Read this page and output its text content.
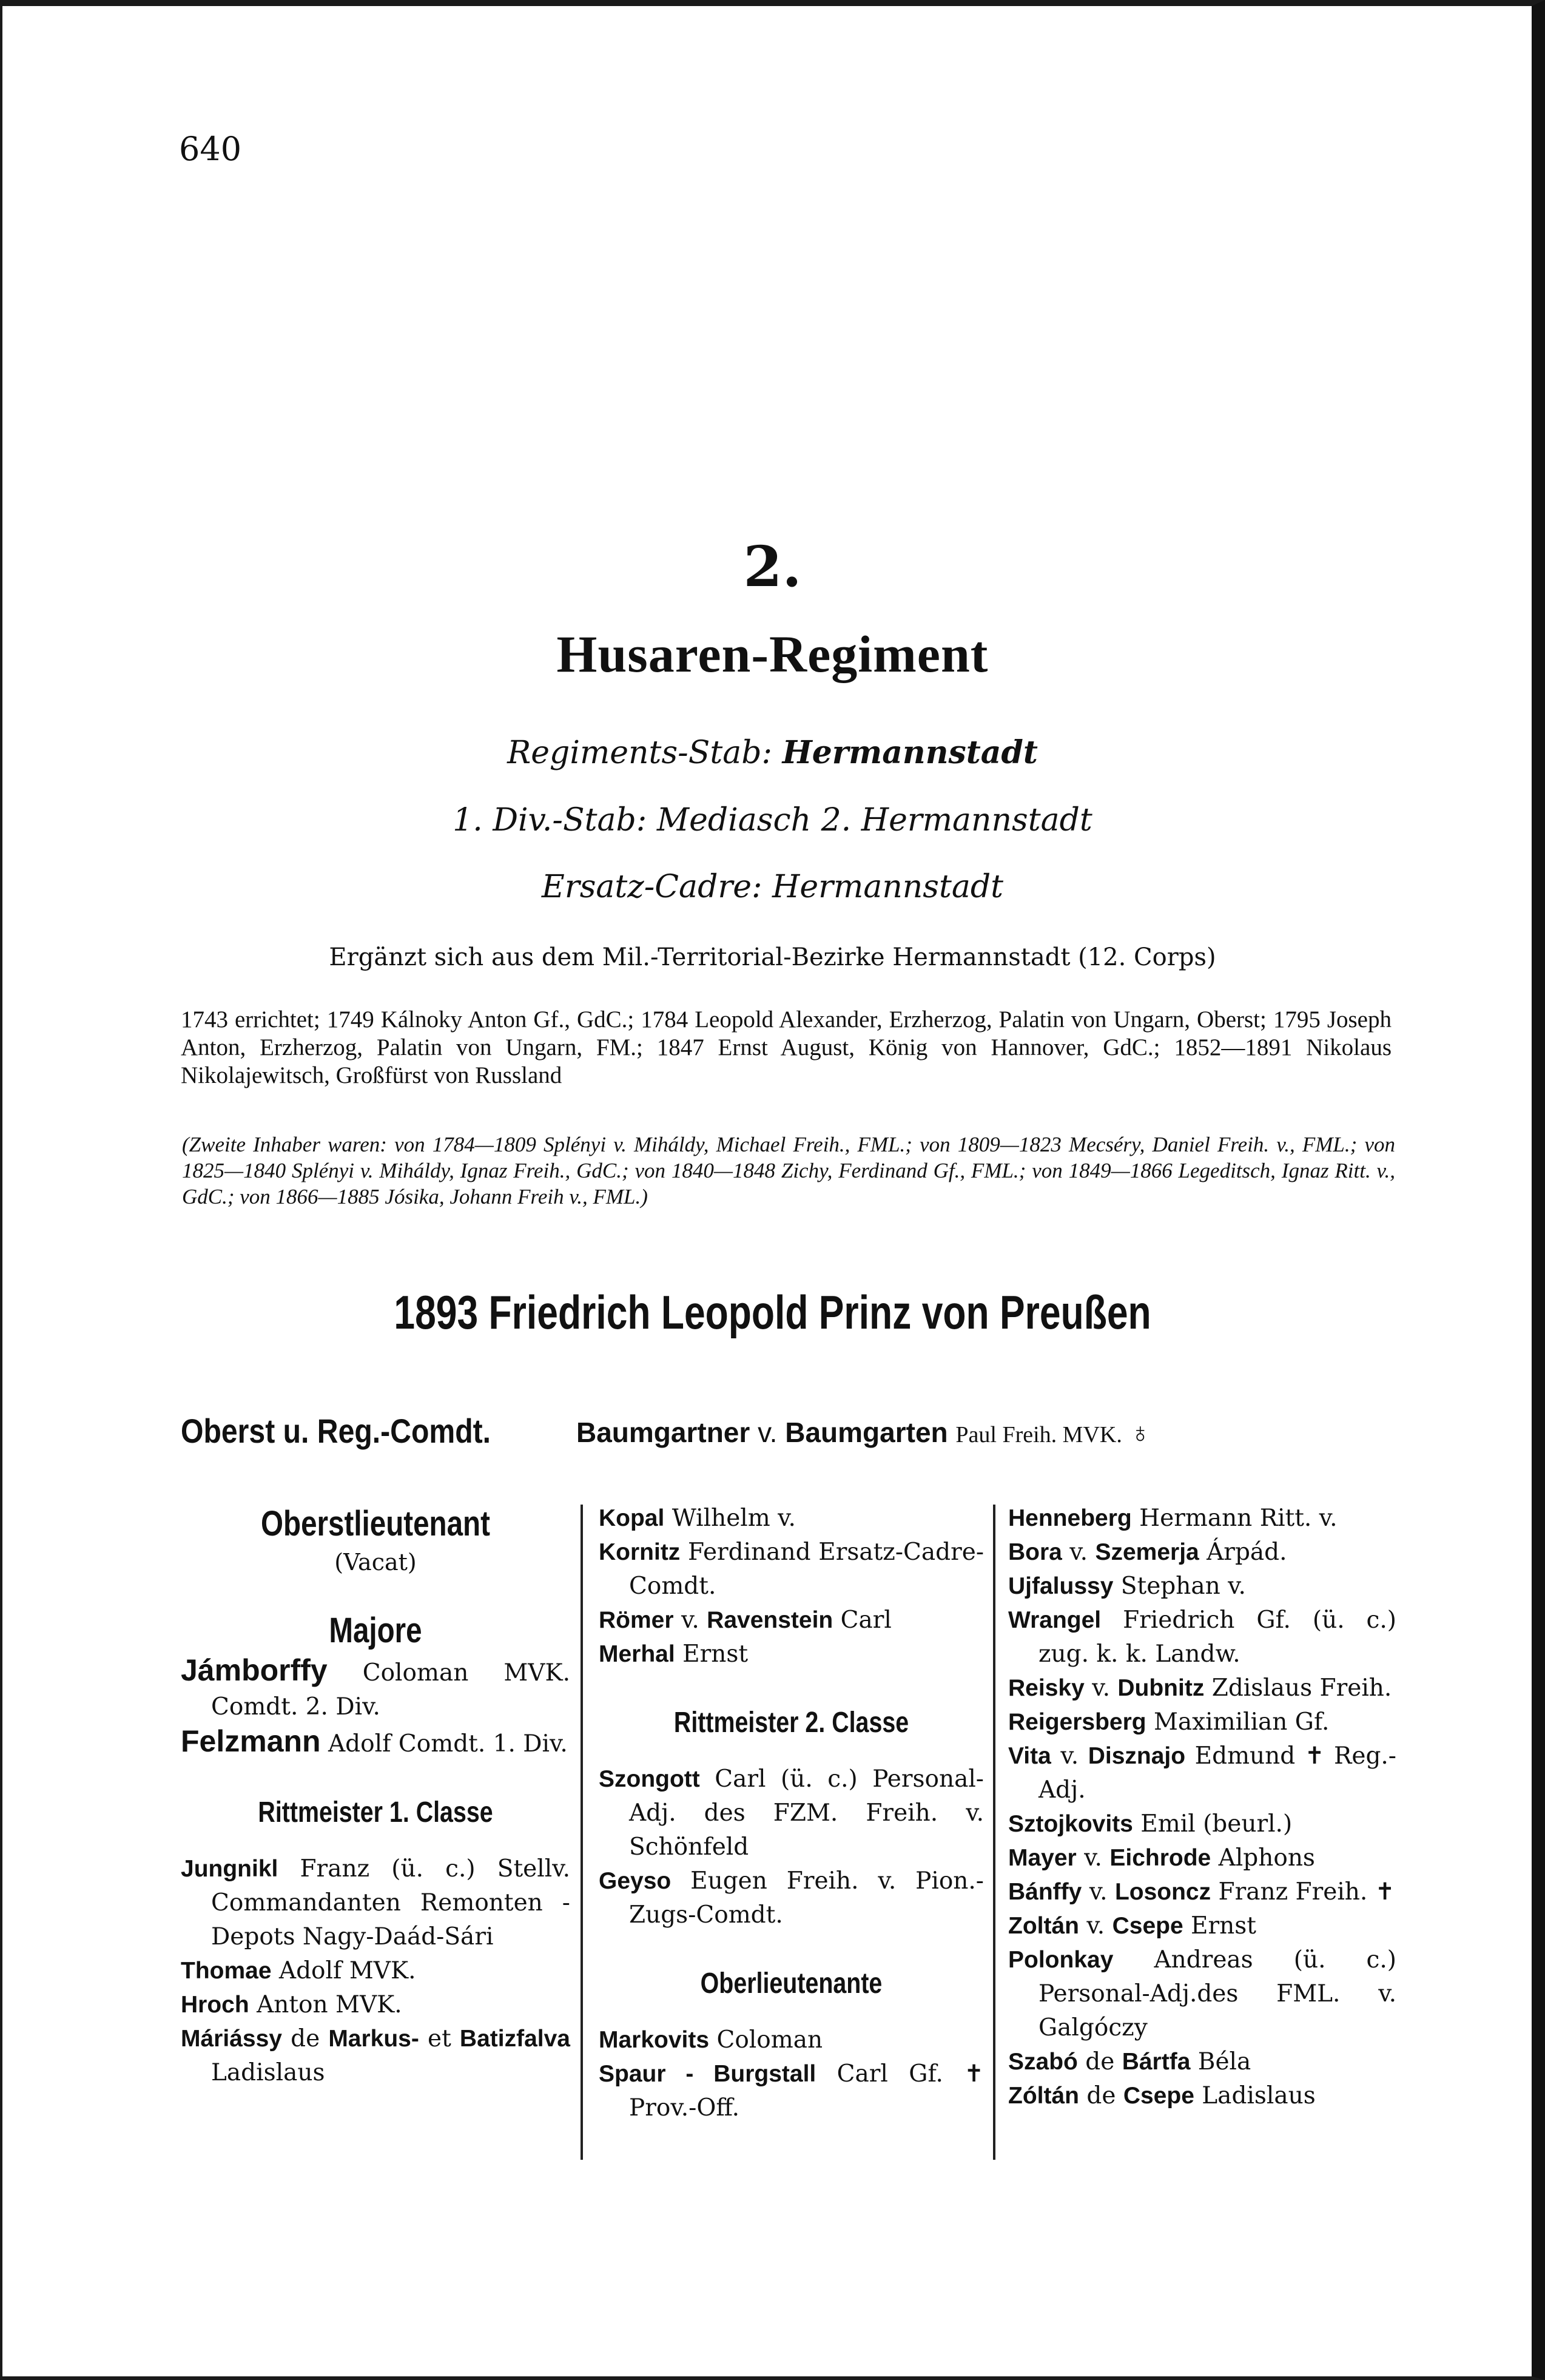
640
2.
Husaren-Regiment
Regiments-Stab: Hermannstadt
1. Div.-Stab: Mediasch 2. Hermannstadt
Ersatz-Cadre: Hermannstadt
Ergänzt sich aus dem Mil.-Territorial-Bezirke Hermannstadt (12. Corps)
1743 errichtet; 1749 Kálnoky Anton Gf., GdC.; 1784 Leopold Alexander, Erzherzog, Palatin von Ungarn, Oberst; 1795 Joseph Anton, Erzherzog, Palatin von Ungarn, FM.; 1847 Ernst August, König von Hannover, GdC.; 1852—1891 Nikolaus Nikolajewitsch, Großfürst von Russland
(Zweite Inhaber waren: von 1784—1809 Splényi v. Miháldy, Michael Freih., FML.; von 1809—1823 Mecséry, Daniel Freih. v., FML.; von 1825—1840 Splényi v. Miháldy, Ignaz Freih., GdC.; von 1840—1848 Zichy, Ferdinand Gf., FML.; von 1849—1866 Legeditsch, Ignaz Ritt. v., GdC.; von 1866—1885 Jósika, Johann Freih v., FML.)
1893 Friedrich Leopold Prinz von Preußen
Oberst u. Reg.-Comdt.	Baumgartner v. Baumgarten Paul Freih. MVK. ♁
Oberstlieutenant
(Vacat)
Majore
Jámborffy Coloman MVK. Comdt. 2. Div.
Felzmann Adolf Comdt. 1. Div.
Rittmeister 1. Classe
Jungnikl Franz (ü. c.) Stellv. Commandanten Remonten - Depots Nagy-Daád-Sári
Thomae Adolf MVK.
Hroch Anton MVK.
Máriássy de Markus- et Batizfalva Ladislaus
Kopal Wilhelm v.
Kornitz Ferdinand Ersatz-Cadre-Comdt.
Römer v. Ravenstein Carl
Merhal Ernst
Rittmeister 2. Classe
Szongott Carl (ü. c.) Personal-Adj. des FZM. Freih. v. Schönfeld
Geyso Eugen Freih. v. Pion.-Zugs-Comdt.
Oberlieutenante
Markovits Coloman
Spaur - Burgstall Carl Gf. ✝ Prov.-Off.
Henneberg Hermann Ritt. v.
Bora v. Szemerja Árpád.
Ujfalussy Stephan v.
Wrangel Friedrich Gf. (ü. c.) zug. k. k. Landw.
Reisky v. Dubnitz Zdislaus Freih.
Reigersberg Maximilian Gf.
Vita v. Disznajo Edmund ✝ Reg.-Adj.
Sztojkovits Emil (beurl.)
Mayer v. Eichrode Alphons
Bánffy v. Losoncz Franz Freih. ✝
Zoltán v. Csepe Ernst
Polonkay Andreas (ü. c.) Personal-Adj.des FML. v. Galgóczy
Szabó de Bártfa Béla
Zóltán de Csepe Ladislaus
